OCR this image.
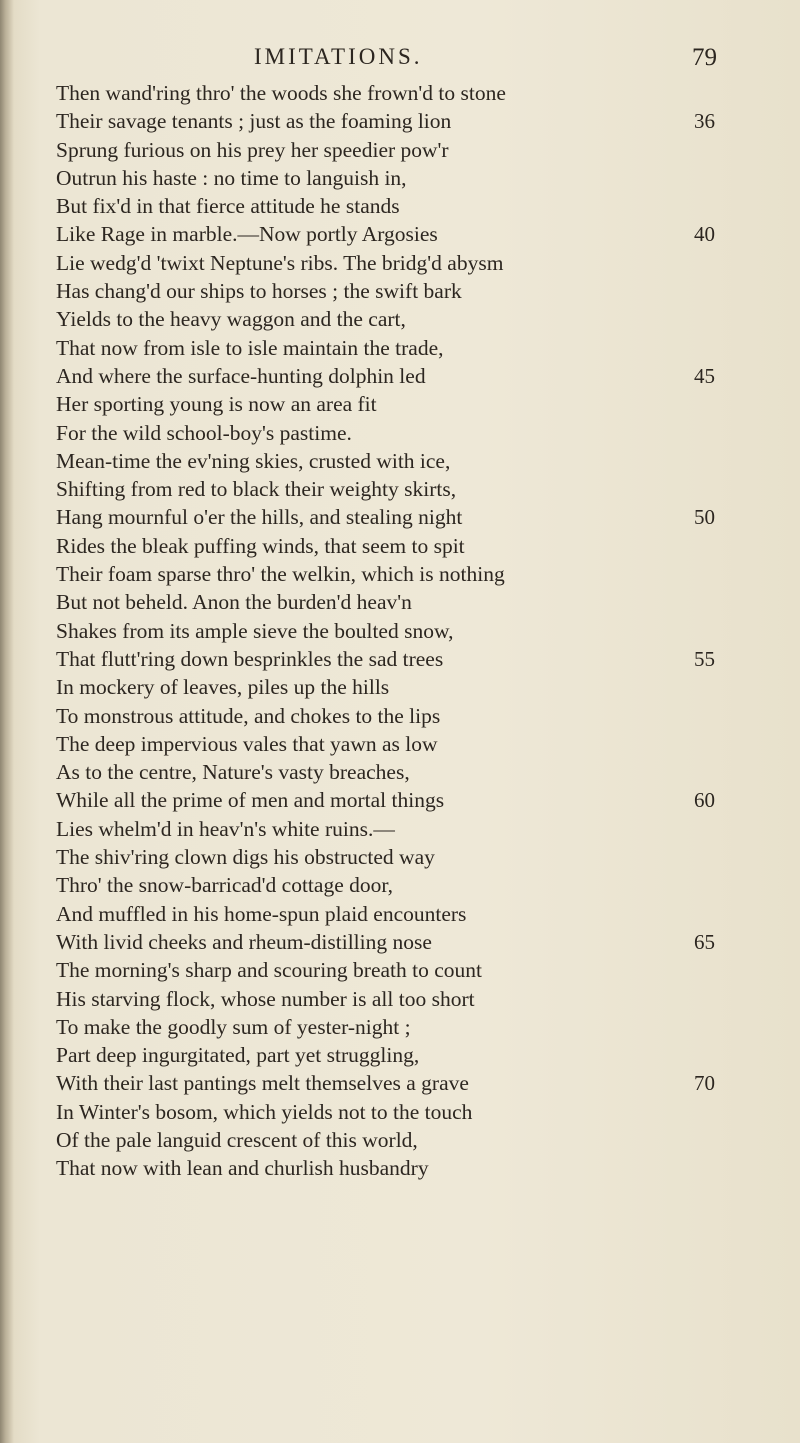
IMITATIONS.	79
Then wand'ring thro' the woods she frown'd to stone
Their savage tenants ; just as the foaming lion	36
Sprung furious on his prey her speedier pow'r
Outrun his haste : no time to languish in,
But fix'd in that fierce attitude he stands
Like Rage in marble.—Now portly Argosies	40
Lie wedg'd 'twixt Neptune's ribs. The bridg'd abysm
Has chang'd our ships to horses ; the swift bark
Yields to the heavy waggon and the cart,
That now from isle to isle maintain the trade,
And where the surface-hunting dolphin led	45
Her sporting young is now an area fit
For the wild school-boy's pastime.
Mean-time the ev'ning skies, crusted with ice,
Shifting from red to black their weighty skirts,
Hang mournful o'er the hills, and stealing night	50
Rides the bleak puffing winds, that seem to spit
Their foam sparse thro' the welkin, which is nothing
But not beheld. Anon the burden'd heav'n
Shakes from its ample sieve the boulted snow,
That flutt'ring down besprinkles the sad trees	55
In mockery of leaves, piles up the hills
To monstrous attitude, and chokes to the lips
The deep impervious vales that yawn as low
As to the centre, Nature's vasty breaches,
While all the prime of men and mortal things	60
Lies whelm'd in heav'n's white ruins.—
The shiv'ring clown digs his obstructed way
Thro' the snow-barricad'd cottage door,
And muffled in his home-spun plaid encounters
With livid cheeks and rheum-distilling nose	65
The morning's sharp and scouring breath to count
His starving flock, whose number is all too short
To make the goodly sum of yester-night ;
Part deep ingurgitated, part yet struggling,
With their last pantings melt themselves a grave	70
In Winter's bosom, which yields not to the touch
Of the pale languid crescent of this world,
That now with lean and churlish husbandry
